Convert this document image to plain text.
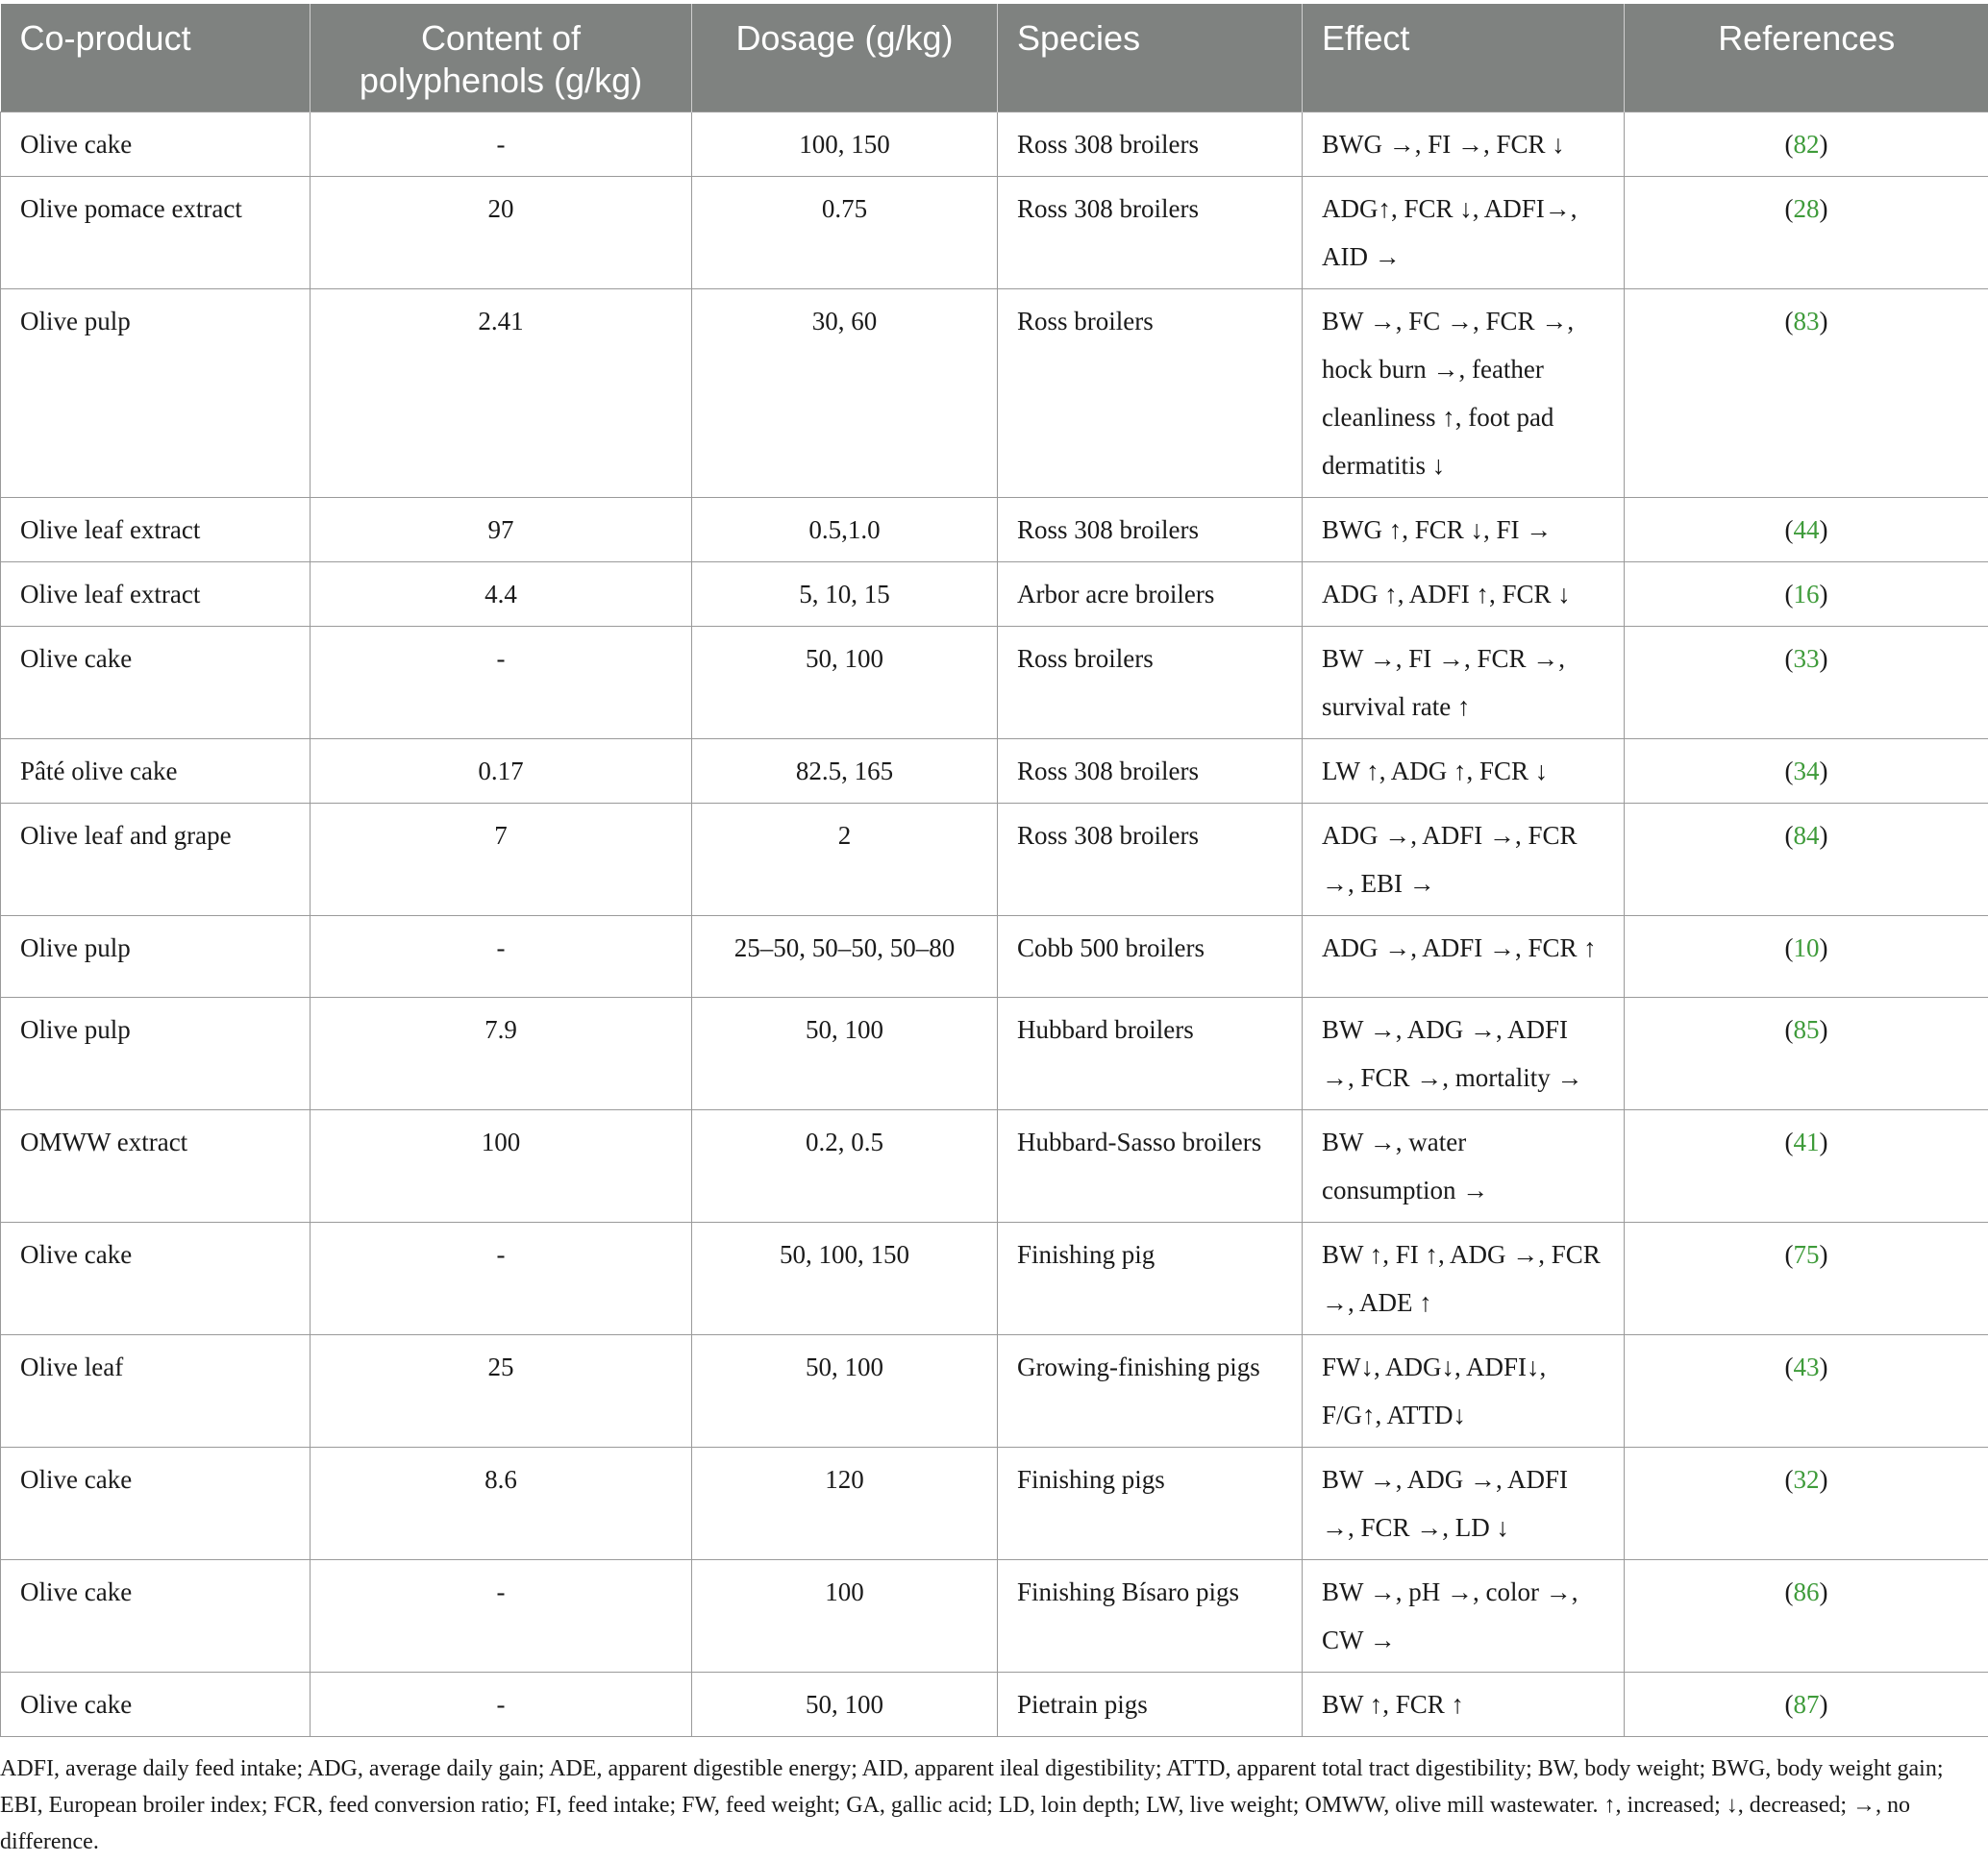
Co-product	Content of polyphenols (g/kg)	Dosage (g/kg)	Species	Effect	References
Olive cake	-	100, 150	Ross 308 broilers	BWG →, FI →, FCR ↓	(82)
Olive pomace extract	20	0.75	Ross 308 broilers	ADG↑, FCR ↓, ADFI→, AID →	(28)
Olive pulp	2.41	30, 60	Ross broilers	BW →, FC →, FCR →, hock burn →, feather cleanliness ↑, foot pad dermatitis ↓	(83)
Olive leaf extract	97	0.5,1.0	Ross 308 broilers	BWG ↑, FCR ↓, FI →	(44)
Olive leaf extract	4.4	5, 10, 15	Arbor acre broilers	ADG ↑, ADFI ↑, FCR ↓	(16)
Olive cake	-	50, 100	Ross broilers	BW →, FI →, FCR →, survival rate ↑	(33)
Pâté olive cake	0.17	82.5, 165	Ross 308 broilers	LW ↑, ADG ↑, FCR ↓	(34)
Olive leaf and grape	7	2	Ross 308 broilers	ADG →, ADFI →, FCR →, EBI →	(84)
Olive pulp	-	25–50, 50–50, 50–80	Cobb 500 broilers	ADG →, ADFI →, FCR ↑	(10)
Olive pulp	7.9	50, 100	Hubbard broilers	BW →, ADG →, ADFI →, FCR →, mortality →	(85)
OMWW extract	100	0.2, 0.5	Hubbard-Sasso broilers	BW →, water consumption →	(41)
Olive cake	-	50, 100, 150	Finishing pig	BW ↑, FI ↑, ADG →, FCR →, ADE ↑	(75)
Olive leaf	25	50, 100	Growing-finishing pigs	FW↓, ADG↓, ADFI↓, F/G↑, ATTD↓	(43)
Olive cake	8.6	120	Finishing pigs	BW →, ADG →, ADFI →, FCR →, LD ↓	(32)
Olive cake	-	100	Finishing Bísaro pigs	BW →, pH →, color →, CW →	(86)
Olive cake	-	50, 100	Pietrain pigs	BW ↑, FCR ↑	(87)
ADFI, average daily feed intake; ADG, average daily gain; ADE, apparent digestible energy; AID, apparent ileal digestibility; ATTD, apparent total tract digestibility; BW, body weight; BWG, body weight gain; EBI, European broiler index; FCR, feed conversion ratio; FI, feed intake; FW, feed weight; GA, gallic acid; LD, loin depth; LW, live weight; OMWW, olive mill wastewater. ↑, increased; ↓, decreased; →, no difference.
